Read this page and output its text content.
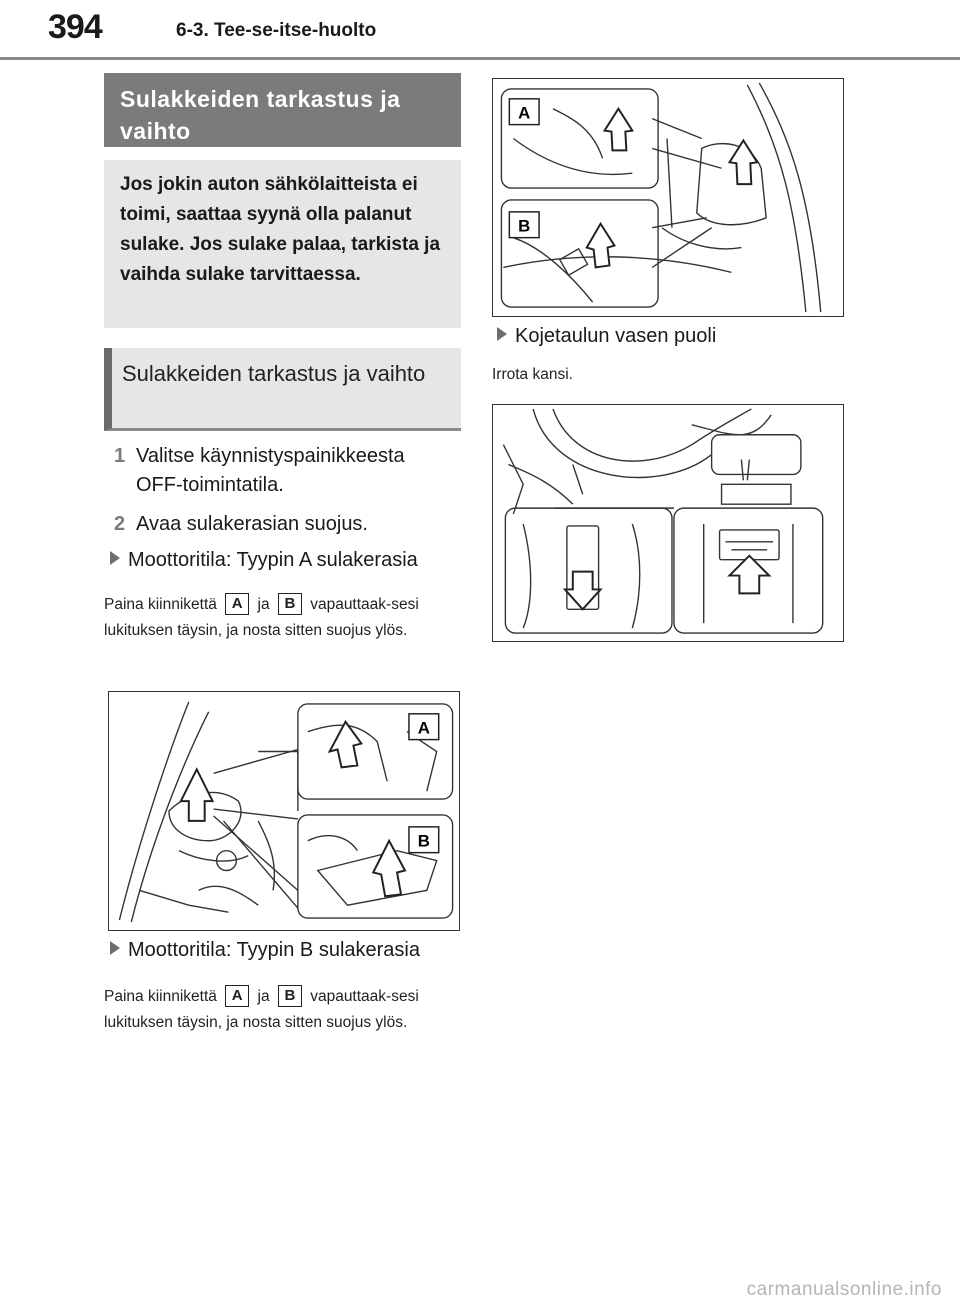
394	6-3. Tee-se-itse-huolto
Sulakkeiden tarkastus ja vaihto
Jos jokin auton sähkölaitteista ei toimi, saattaa syynä olla palanut sulake. Jos sulake palaa, tarkista ja vaihda sulake tarvittaessa.
Sulakkeiden tarkastus ja vaihto
1 Valitse käynnistyspainikkeesta OFF-toimintatila.
2 Avaa sulakerasian suojus.
Moottoritila: Tyypin A sulakerasia
Paina kiinnikettä A ja B vapauttaak-sesi lukituksen täysin, ja nosta sitten suojus ylös.
A
B
Moottoritila: Tyypin B sulakerasia
Paina kiinnikettä A ja B vapauttaak-sesi lukituksen täysin, ja nosta sitten suojus ylös.
A
B
Kojetaulun vasen puoli
Irrota kansi.
carmanualsonline.info
